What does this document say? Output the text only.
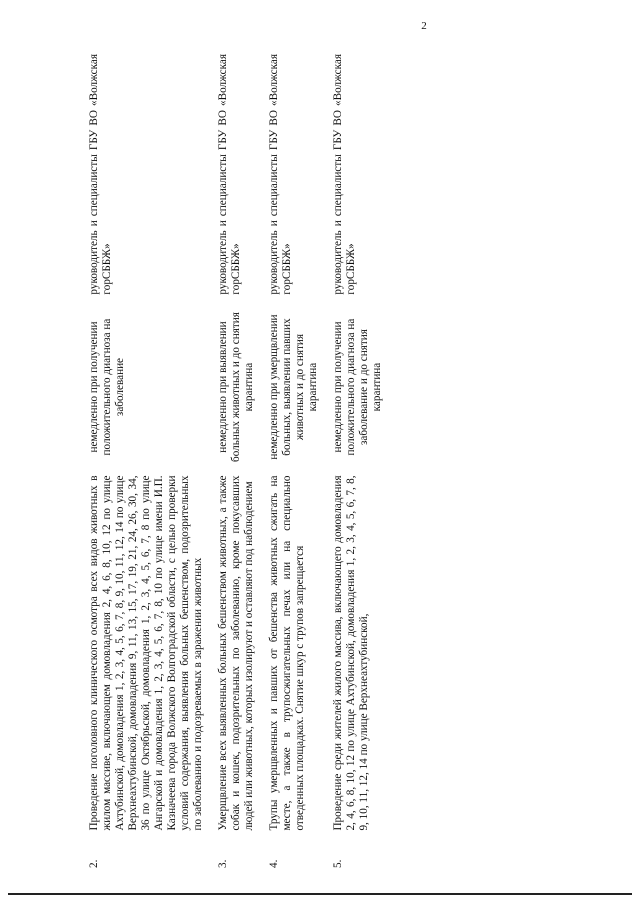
2
2.	Проведение поголовного клинического осмотра всех видов животных в жилом массиве, включающем домовладения 2, 4, 6, 8, 10, 12 по улице Ахтубинской, домовладения 1, 2, 3, 4, 5, 6, 7, 8, 9, 10, 11, 12, 14 по улице Верхнеахтубинской, домовладения 9, 11, 13, 15, 17, 19, 21, 24, 26, 30, 34, 36 по улице Октябрьской, домовладения 1, 2, 3, 4, 5, 6, 7, 8 по улице Ангарской и домовладения 1, 2, 3, 4, 5, 6, 7, 8, 10 по улице имени И.П. Казначеева города Волжского Волгоградской области, с целью проверки условий содержания, выявления больных бешенством, подозрительных по заболеванию и подозреваемых в заражении животных	немедленно при получении положительного диагноза на заболевание	руководитель и специалисты ГБУ ВО «Волжская горСББЖ»
3.	Умерщвление всех выявленных больных бешенством животных, а также собак и кошек, подозрительных по заболеванию, кроме покусавших людей или животных, которых изолируют и оставляют под наблюдением	немедленно при выявлении больных животных и до снятия карантина	руководитель и специалисты ГБУ ВО «Волжская горСББЖ»
4.	Трупы умерщвленных и павших от бешенства животных сжигать на месте, а также в трупосжигательных печах или на специально отведенных площадках. Снятие шкур с трупов запрещается	немедленно при умерщвлении больных, выявлении павших животных и до снятия карантина	руководитель и специалисты ГБУ ВО «Волжская горСББЖ»
5.	Проведение среди жителей жилого массива, включающего домовладения 2, 4, 6, 8, 10, 12 по улице Ахтубинской, домовладения 1, 2, 3, 4, 5, 6, 7, 8, 9, 10, 11, 12, 14 по улице Верхнеахтубинской,	немедленно при получении положительного диагноза на заболевание и до снятия карантина	руководитель и специалисты ГБУ ВО «Волжская горСББЖ»
